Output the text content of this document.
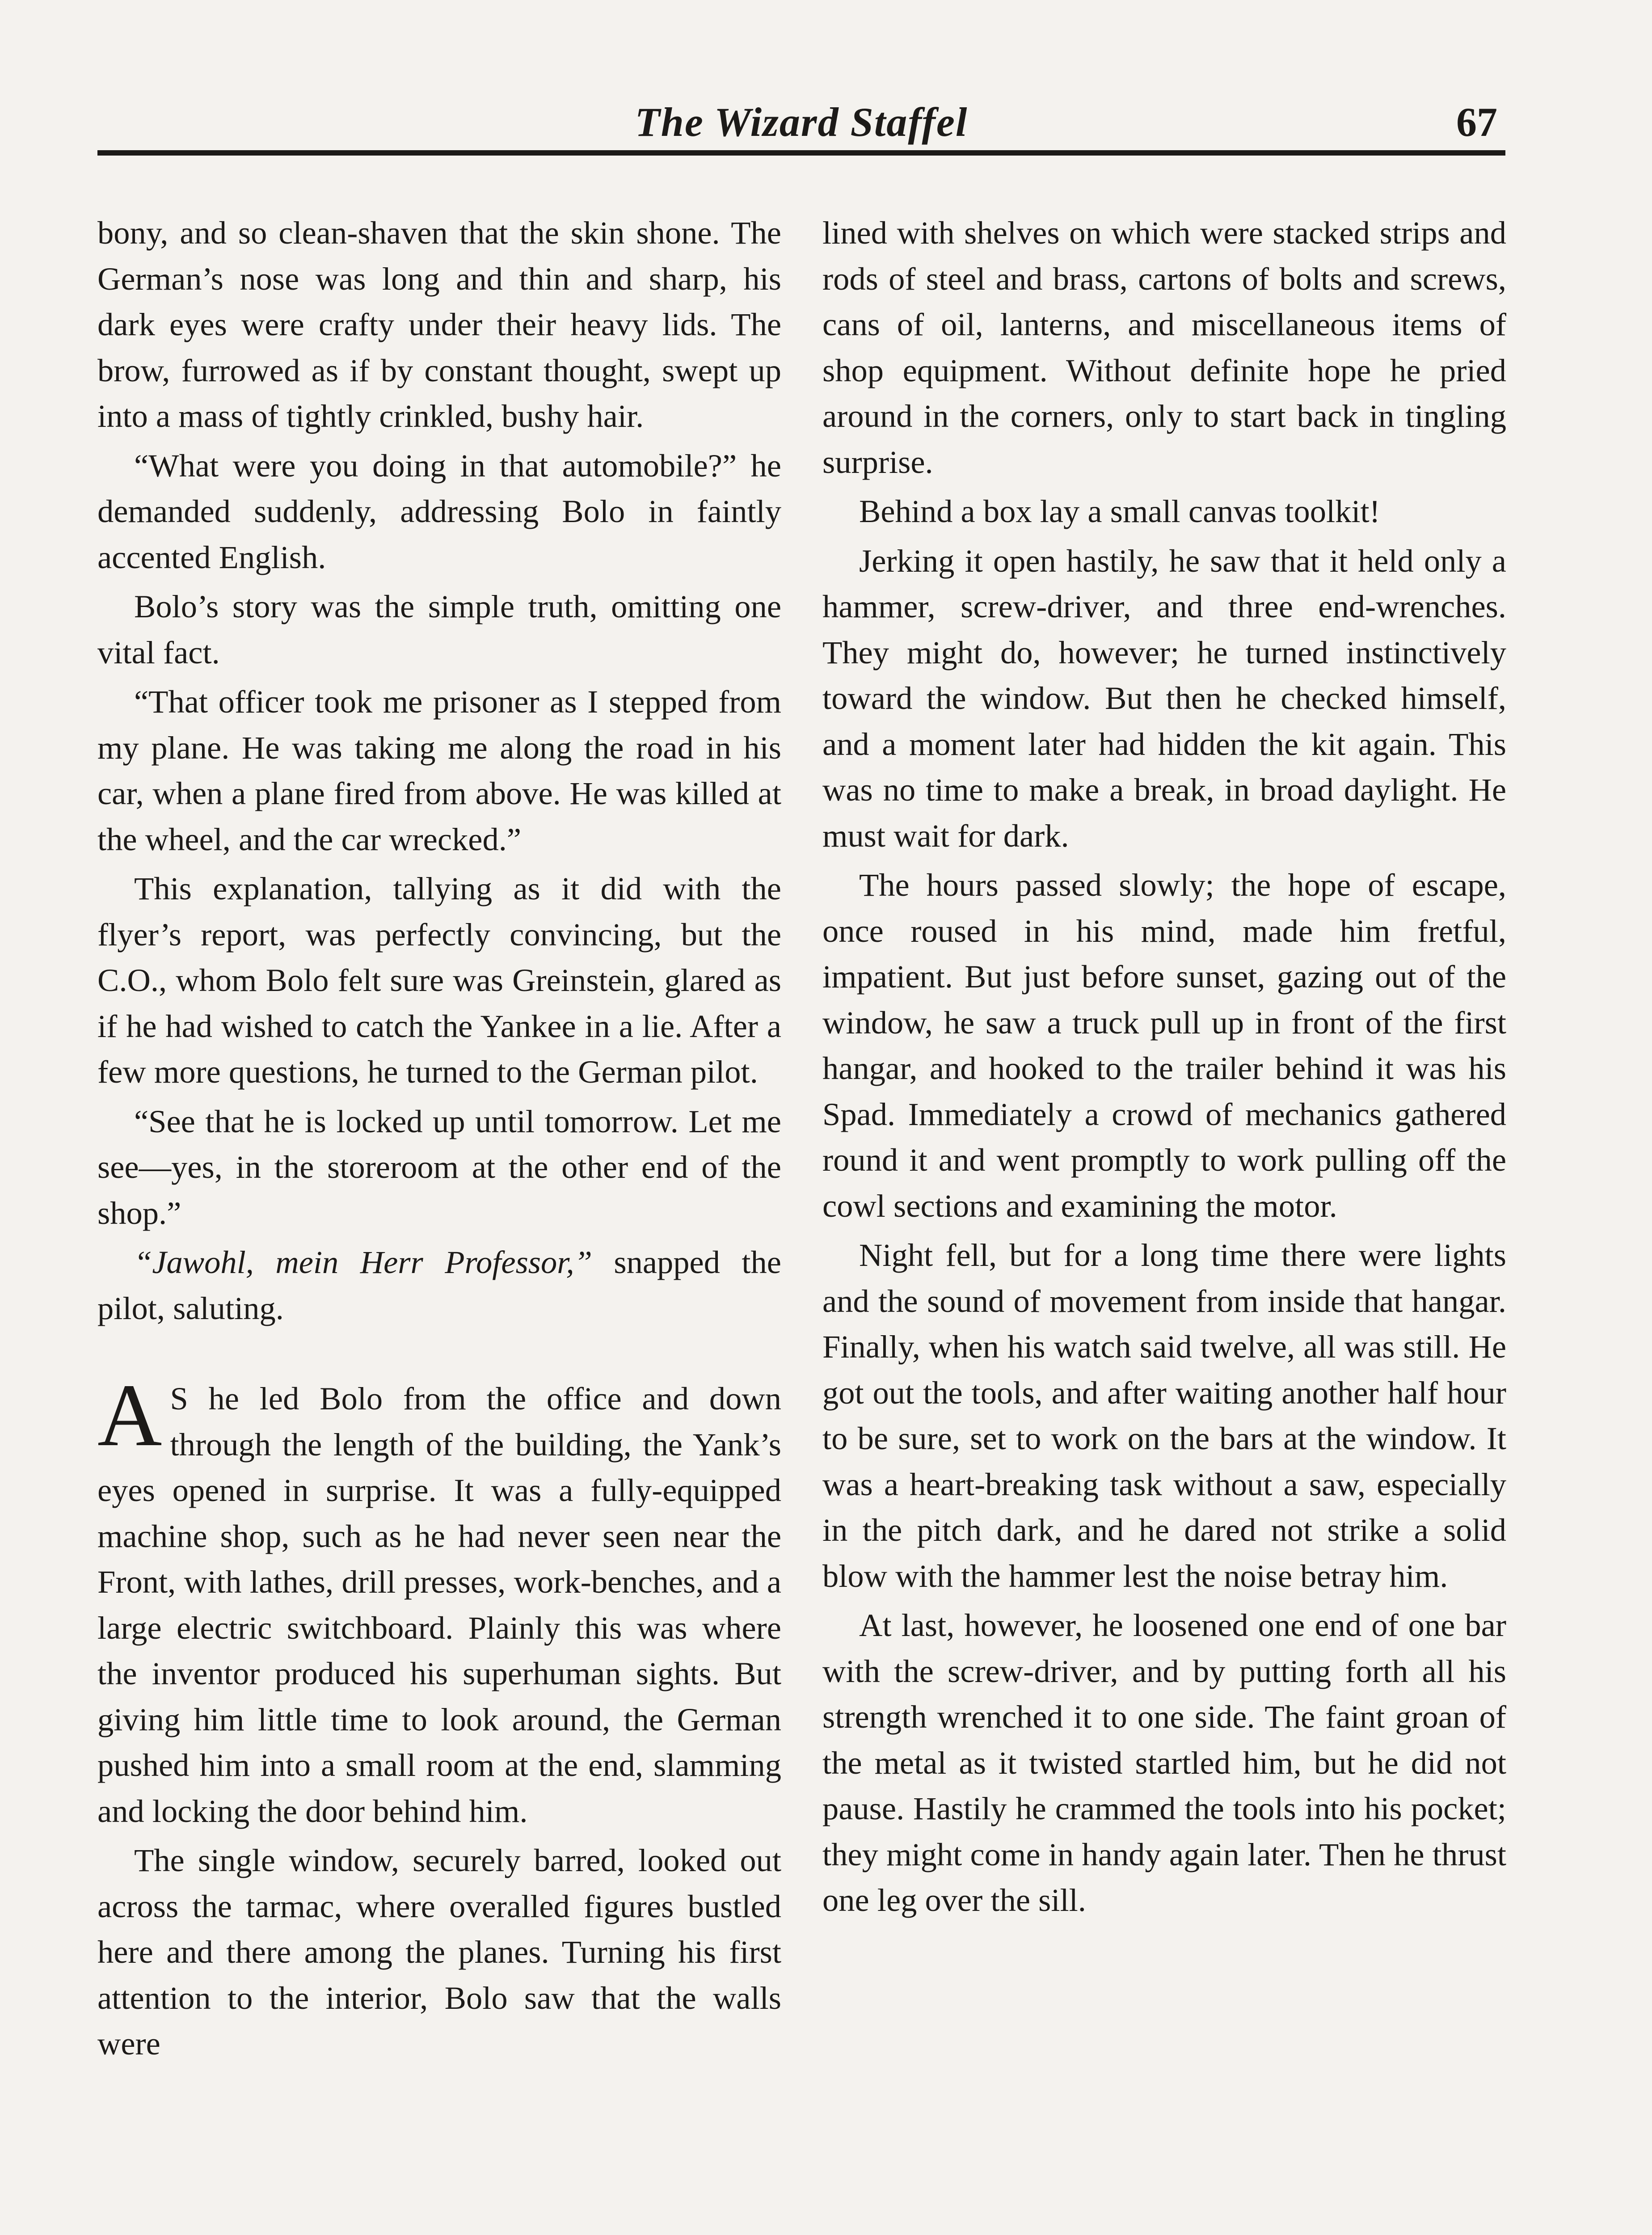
The Wizard Staffel	67

bony, and so clean-shaven that the skin shone. The German’s nose was long and thin and sharp, his dark eyes were crafty under their heavy lids. The brow, furrowed as if by constant thought, swept up into a mass of tightly crinkled, bushy hair.

“What were you doing in that automobile?” he demanded suddenly, addressing Bolo in faintly accented English.

Bolo’s story was the simple truth, omitting one vital fact.

“That officer took me prisoner as I stepped from my plane. He was taking me along the road in his car, when a plane fired from above. He was killed at the wheel, and the car wrecked.”

This explanation, tallying as it did with the flyer’s report, was perfectly convincing, but the C.O., whom Bolo felt sure was Greinstein, glared as if he had wished to catch the Yankee in a lie. After a few more questions, he turned to the German pilot.

“See that he is locked up until tomorrow. Let me see—yes, in the storeroom at the other end of the shop.”

“Jawohl, mein Herr Professor,” snapped the pilot, saluting.

A S he led Bolo from the office and down through the length of the building, the Yank’s eyes opened in surprise. It was a fully-equipped machine shop, such as he had never seen near the Front, with lathes, drill presses, work-benches, and a large electric switchboard. Plainly this was where the inventor produced his superhuman sights. But giving him little time to look around, the German pushed him into a small room at the end, slamming and locking the door behind him.

The single window, securely barred, looked out across the tarmac, where overalled figures bustled here and there among the planes. Turning his first attention to the interior, Bolo saw that the walls were

lined with shelves on which were stacked strips and rods of steel and brass, cartons of bolts and screws, cans of oil, lanterns, and miscellaneous items of shop equipment. Without definite hope he pried around in the corners, only to start back in tingling surprise.

Behind a box lay a small canvas toolkit!

Jerking it open hastily, he saw that it held only a hammer, screw-driver, and three end-wrenches. They might do, however; he turned instinctively toward the window. But then he checked himself, and a moment later had hidden the kit again. This was no time to make a break, in broad daylight. He must wait for dark.

The hours passed slowly; the hope of escape, once roused in his mind, made him fretful, impatient. But just before sunset, gazing out of the window, he saw a truck pull up in front of the first hangar, and hooked to the trailer behind it was his Spad. Immediately a crowd of mechanics gathered round it and went promptly to work pulling off the cowl sections and examining the motor.

Night fell, but for a long time there were lights and the sound of movement from inside that hangar. Finally, when his watch said twelve, all was still. He got out the tools, and after waiting another half hour to be sure, set to work on the bars at the window. It was a heart-breaking task without a saw, especially in the pitch dark, and he dared not strike a solid blow with the hammer lest the noise betray him.

At last, however, he loosened one end of one bar with the screw-driver, and by putting forth all his strength wrenched it to one side. The faint groan of the metal as it twisted startled him, but he did not pause. Hastily he crammed the tools into his pocket; they might come in handy again later. Then he thrust one leg over the sill.
